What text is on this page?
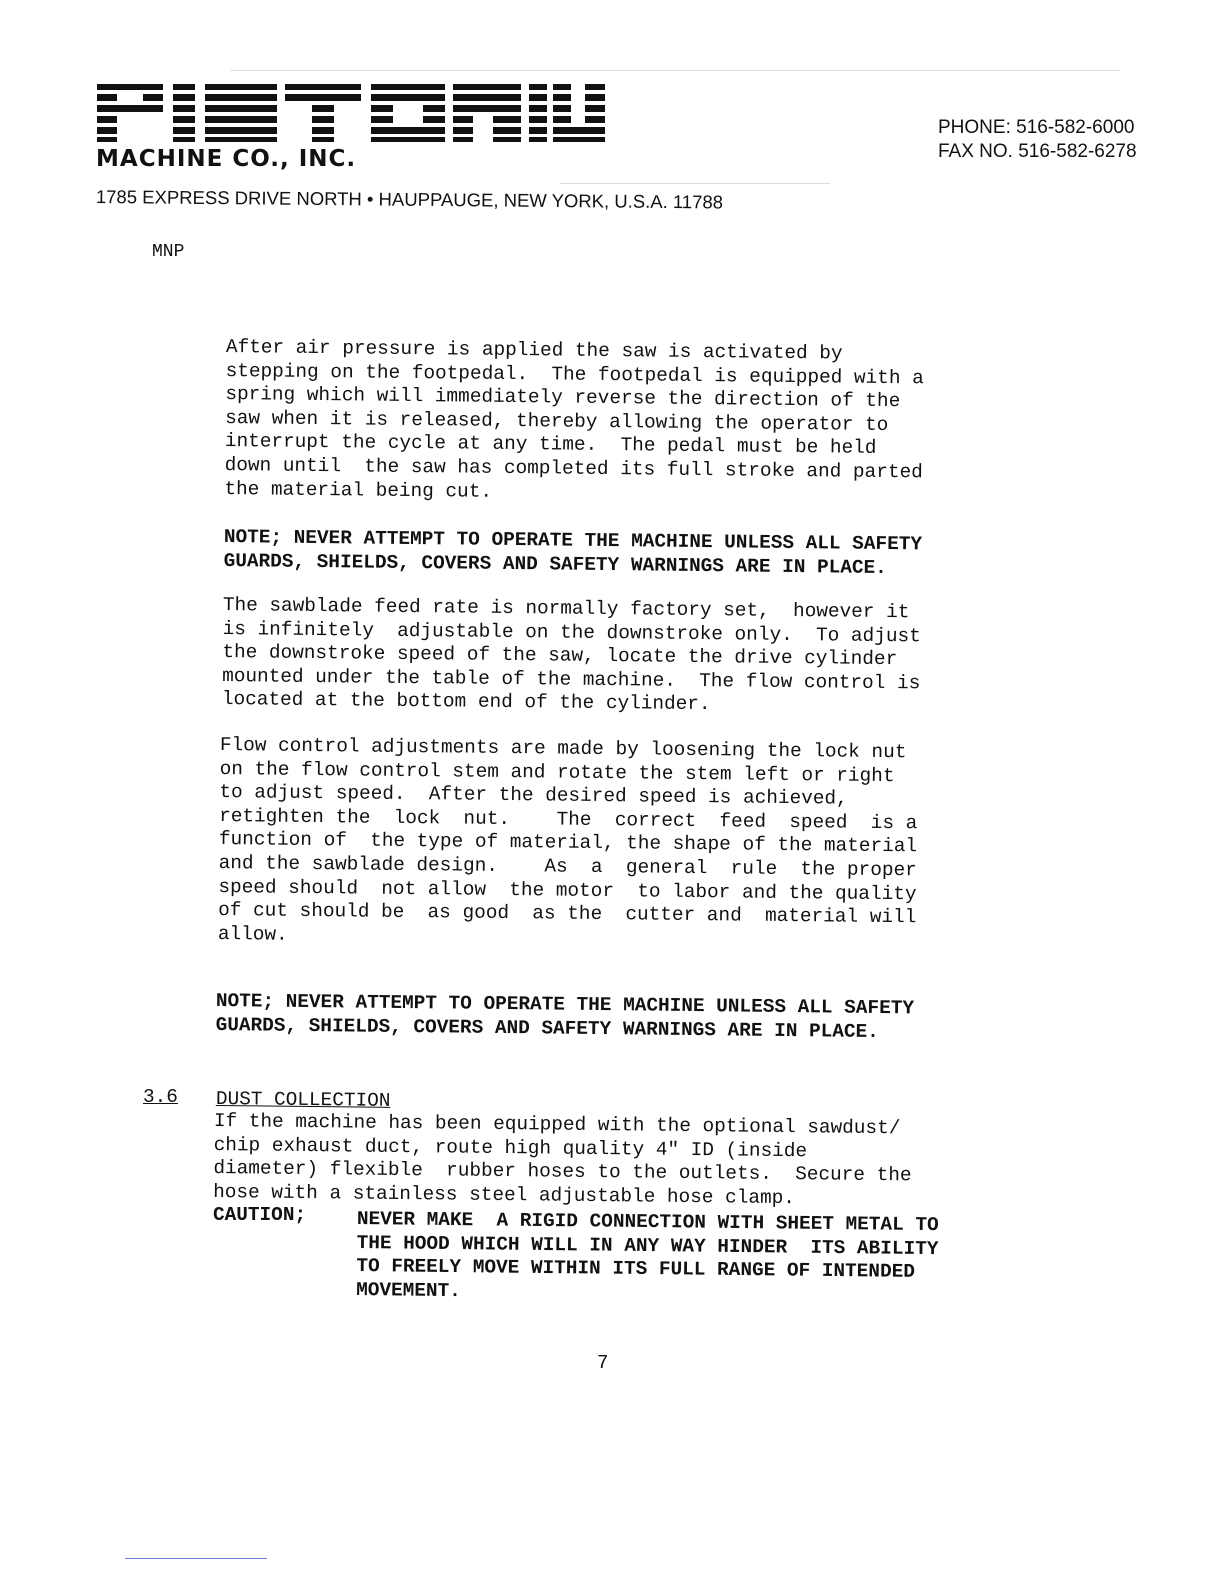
MACHINE CO., INC.
PHONE: 516-582-6000
FAX NO. 516-582-6278
1785 EXPRESS DRIVE NORTH • HAUPPAUGE, NEW YORK, U.S.A. 11788
MNP
After air pressure is applied the saw is activated by
stepping on the footpedal.  The footpedal is equipped with a
spring which will immediately reverse the direction of the
saw when it is released, thereby allowing the operator to
interrupt the cycle at any time.  The pedal must be held
down until  the saw has completed its full stroke and parted
the material being cut.
NOTE; NEVER ATTEMPT TO OPERATE THE MACHINE UNLESS ALL SAFETY
GUARDS, SHIELDS, COVERS AND SAFETY WARNINGS ARE IN PLACE.
The sawblade feed rate is normally factory set,  however it
is infinitely  adjustable on the downstroke only.  To adjust
the downstroke speed of the saw, locate the drive cylinder
mounted under the table of the machine.  The flow control is
located at the bottom end of the cylinder.
Flow control adjustments are made by loosening the lock nut
on the flow control stem and rotate the stem left or right
to adjust speed.  After the desired speed is achieved,
retighten the  lock  nut.    The  correct  feed  speed  is a
function of  the type of material, the shape of the material
and the sawblade design.    As  a  general  rule  the proper
speed should  not allow  the motor  to labor and the quality
of cut should be  as good  as the  cutter and  material will
allow.
NOTE; NEVER ATTEMPT TO OPERATE THE MACHINE UNLESS ALL SAFETY
GUARDS, SHIELDS, COVERS AND SAFETY WARNINGS ARE IN PLACE.
3.6 DUST COLLECTION
If the machine has been equipped with the optional sawdust/
chip exhaust duct, route high quality 4" ID (inside
diameter) flexible  rubber hoses to the outlets.  Secure the
hose with a stainless steel adjustable hose clamp.
CAUTION;	NEVER MAKE  A RIGID CONNECTION WITH SHEET METAL TO
THE HOOD WHICH WILL IN ANY WAY HINDER  ITS ABILITY
TO FREELY MOVE WITHIN ITS FULL RANGE OF INTENDED
MOVEMENT.
7
